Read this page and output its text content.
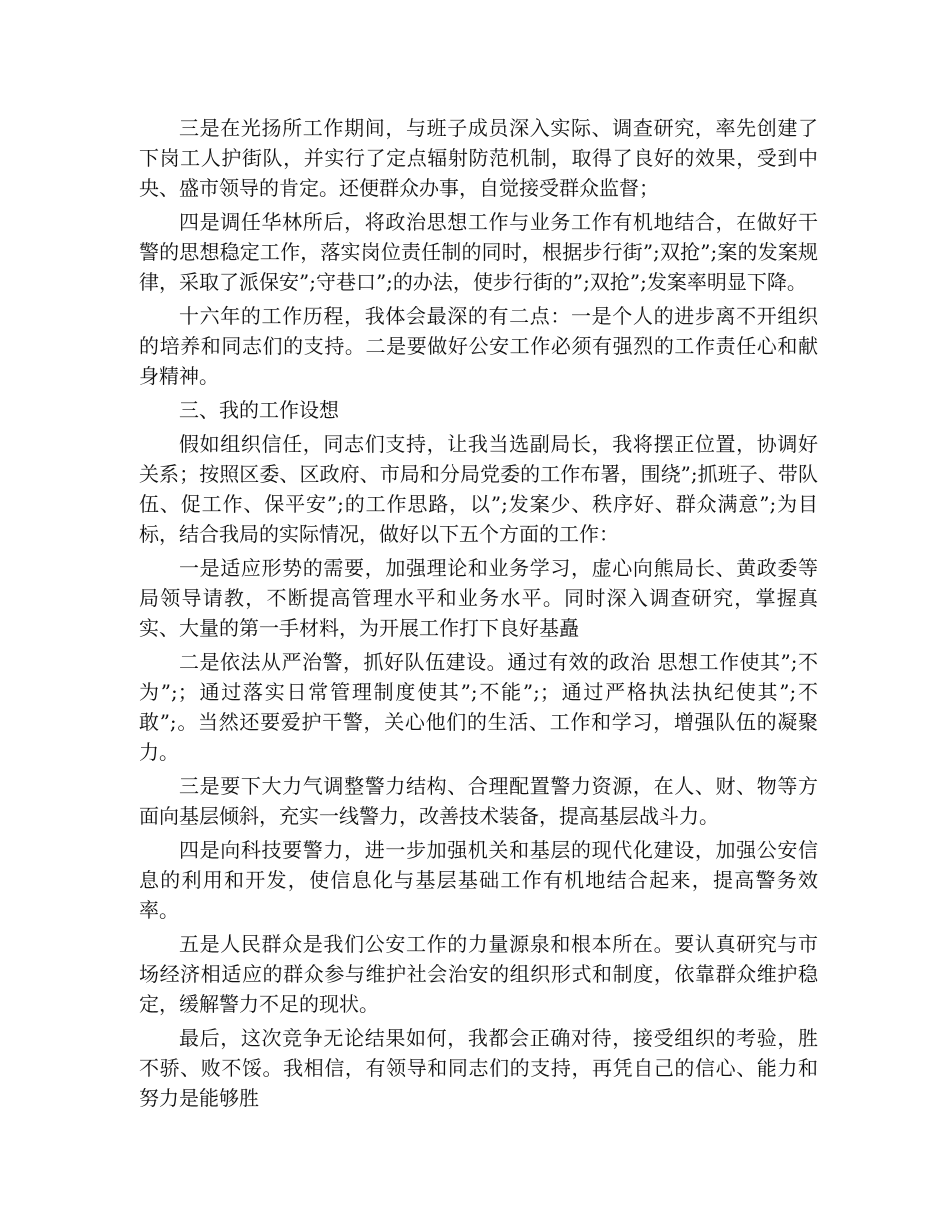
三是在光扬所工作期间，与班子成员深入实际、调查研究，率先创建了下岗工人护街队，并实行了定点辐射防范机制，取得了良好的效果，受到中央、盛市领导的肯定。还便群众办事，自觉接受群众监督；

四是调任华林所后，将政治思想工作与业务工作有机地结合，在做好干警的思想稳定工作，落实岗位责任制的同时，根据步行街”;双抢”;案的发案规律，采取了派保安”;守巷口”;的办法，使步行街的”;双抢”;发案率明显下降。

十六年的工作历程，我体会最深的有二点：一是个人的进步离不开组织的培养和同志们的支持。二是要做好公安工作必须有强烈的工作责任心和献身精神。

三、我的工作设想

假如组织信任，同志们支持，让我当选副局长，我将摆正位置，协调好关系；按照区委、区政府、市局和分局党委的工作布署，围绕”;抓班子、带队伍、促工作、保平安”;的工作思路，以”;发案少、秩序好、群众满意”;为目标，结合我局的实际情况，做好以下五个方面的工作：

一是适应形势的需要，加强理论和业务学习，虚心向熊局长、黄政委等局领导请教，不断提高管理水平和业务水平。同时深入调查研究，掌握真实、大量的第一手材料，为开展工作打下良好基矗

二是依法从严治警，抓好队伍建设。通过有效的政治 思想工作使其”;不为”;；通过落实日常管理制度使其”;不能”;；通过严格执法执纪使其”;不敢”;。当然还要爱护干警，关心他们的生活、工作和学习，增强队伍的凝聚力。

三是要下大力气调整警力结构、合理配置警力资源，在人、财、物等方面向基层倾斜，充实一线警力，改善技术装备，提高基层战斗力。

四是向科技要警力，进一步加强机关和基层的现代化建设，加强公安信息的利用和开发，使信息化与基层基础工作有机地结合起来，提高警务效率。

五是人民群众是我们公安工作的力量源泉和根本所在。要认真研究与市场经济相适应的群众参与维护社会治安的组织形式和制度，依靠群众维护稳定，缓解警力不足的现状。

最后，这次竞争无论结果如何，我都会正确对待，接受组织的考验，胜不骄、败不馁。我相信，有领导和同志们的支持，再凭自己的信心、能力和努力是能够胜
